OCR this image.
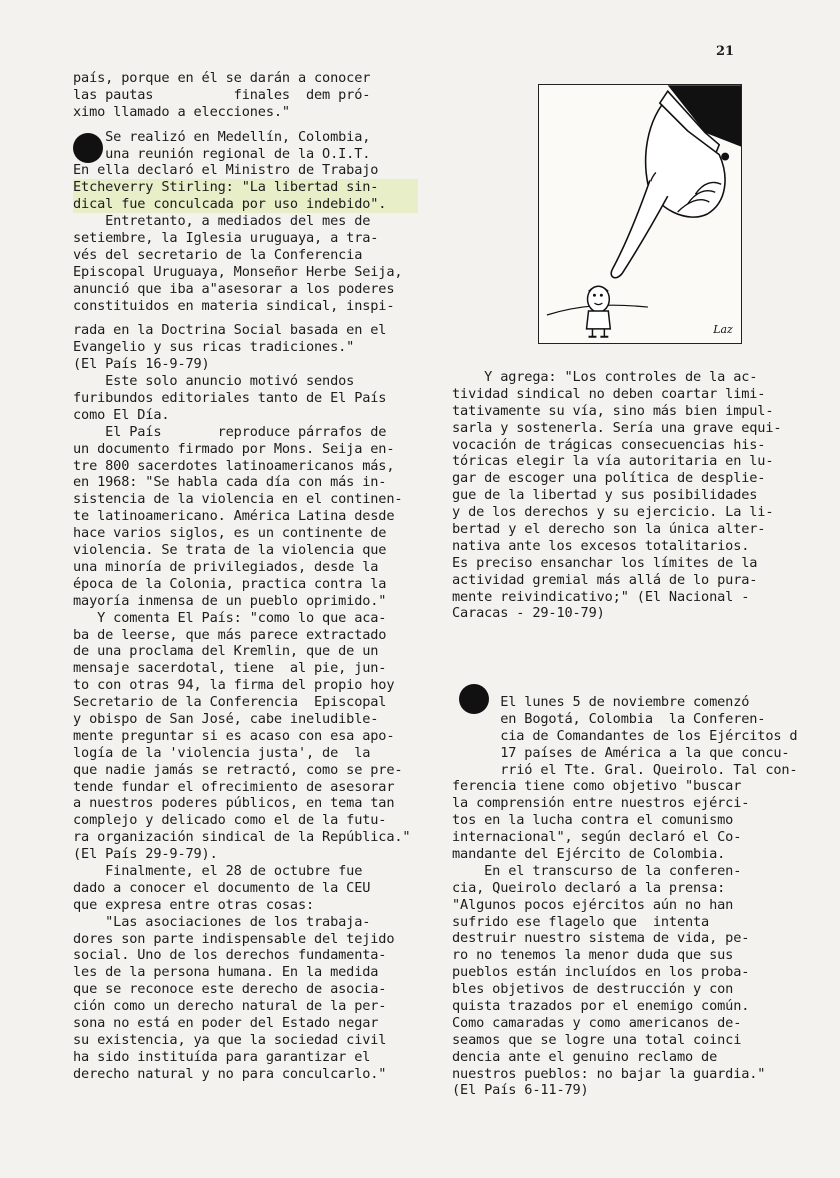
21
Laz
país, porque en él se darán a conocer
las pautas          finales  dem pró-
ximo llamado a elecciones."
Se realizó en Medellín, Colombia,
una reunión regional de la O.I.T.
En ella declaró el Ministro de Trabajo
Etcheverry Stirling: "La libertad sin-
dical fue conculcada por uso indebido".
Entretanto, a mediados del mes de
setiembre, la Iglesia uruguaya, a tra-
vés del secretario de la Conferencia
Episcopal Uruguaya, Monseñor Herbe Seija,
anunció que iba a"asesorar a los poderes
constituidos en materia sindical, inspi-
rada en la Doctrina Social basada en el
Evangelio y sus ricas tradiciones."
(El País 16-9-79)
Este solo anuncio motivó sendos
furibundos editoriales tanto de El País
como El Día.
El País       reproduce párrafos de
un documento firmado por Mons. Seija en-
tre 800 sacerdotes latinoamericanos más,
en 1968: "Se habla cada día con más in-
sistencia de la violencia en el continen-
te latinoamericano. América Latina desde
hace varios siglos, es un continente de
violencia. Se trata de la violencia que
una minoría de privilegiados, desde la
época de la Colonia, practica contra la
mayoría inmensa de un pueblo oprimido."
Y comenta El País: "como lo que aca-
ba de leerse, que más parece extractado
de una proclama del Kremlin, que de un
mensaje sacerdotal, tiene  al pie, jun-
to con otras 94, la firma del propio hoy
Secretario de la Conferencia  Episcopal
y obispo de San José, cabe ineludible-
mente preguntar si es acaso con esa apo-
logía de la 'violencia justa', de  la
que nadie jamás se retractó, como se pre-
tende fundar el ofrecimiento de asesorar
a nuestros poderes públicos, en tema tan
complejo y delicado como el de la futu-
ra organización sindical de la República."
(El País 29-9-79).
Finalmente, el 28 de octubre fue
dado a conocer el documento de la CEU
que expresa entre otras cosas:
"Las asociaciones de los trabaja-
dores son parte indispensable del tejido
social. Uno de los derechos fundamenta-
les de la persona humana. En la medida
que se reconoce este derecho de asocia-
ción como un derecho natural de la per-
sona no está en poder del Estado negar
su existencia, ya que la sociedad civil
ha sido instituída para garantizar el
derecho natural y no para conculcarlo."
Y agrega: "Los controles de la ac-
tividad sindical no deben coartar limi-
tativamente su vía, sino más bien impul-
sarla y sostenerla. Sería una grave equi-
vocación de trágicas consecuencias his-
tóricas elegir la vía autoritaria en lu-
gar de escoger una política de desplie-
gue de la libertad y sus posibilidades
y de los derechos y su ejercicio. La li-
bertad y el derecho son la única alter-
nativa ante los excesos totalitarios.
Es preciso ensanchar los límites de la
actividad gremial más allá de lo pura-
mente reivindicativo;" (El Nacional -
Caracas - 29-10-79)
El lunes 5 de noviembre comenzó
en Bogotá, Colombia  la Conferen-
cia de Comandantes de los Ejércitos d
17 países de América a la que concu-
rrió el Tte. Gral. Queirolo. Tal con-
ferencia tiene como objetivo "buscar
la comprensión entre nuestros ejérci-
tos en la lucha contra el comunismo
internacional", según declaró el Co-
mandante del Ejército de Colombia.
En el transcurso de la conferen-
cia, Queirolo declaró a la prensa:
"Algunos pocos ejércitos aún no han
sufrido ese flagelo que  intenta
destruir nuestro sistema de vida, pe-
ro no tenemos la menor duda que sus
pueblos están incluídos en los proba-
bles objetivos de destrucción y con
quista trazados por el enemigo común.
Como camaradas y como americanos de-
seamos que se logre una total coinci
dencia ante el genuino reclamo de
nuestros pueblos: no bajar la guardia."
(El País 6-11-79)
